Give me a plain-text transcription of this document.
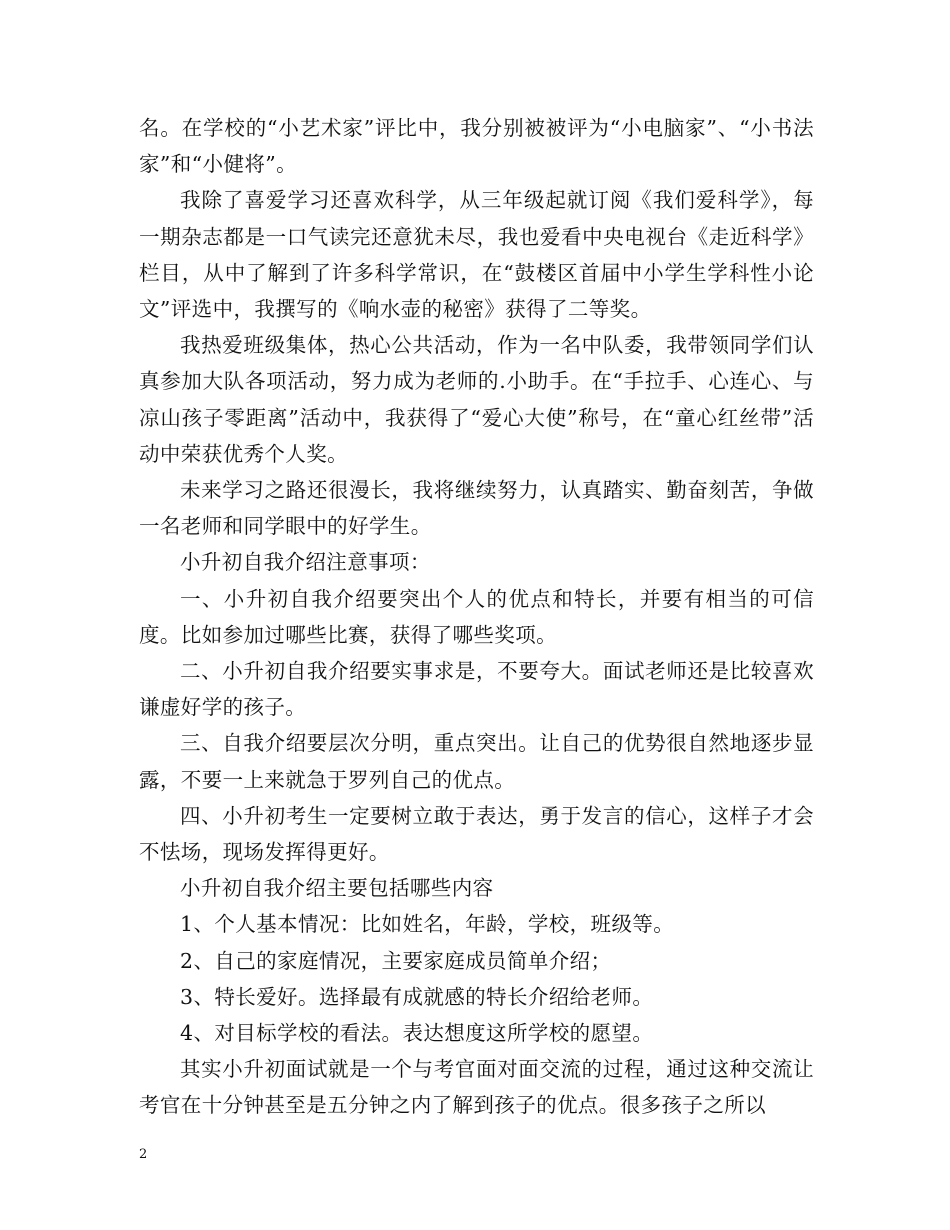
名。在学校的“小艺术家”评比中，我分别被被评为“小电脑家”、“小书法家”和“小健将”。

我除了喜爱学习还喜欢科学，从三年级起就订阅《我们爱科学》，每一期杂志都是一口气读完还意犹未尽，我也爱看中央电视台《走近科学》栏目，从中了解到了许多科学常识，在“鼓楼区首届中小学生学科性小论文”评选中，我撰写的《响水壶的秘密》获得了二等奖。

我热爱班级集体，热心公共活动，作为一名中队委，我带领同学们认真参加大队各项活动，努力成为老师的.小助手。在“手拉手、心连心、与凉山孩子零距离”活动中，我获得了“爱心大使”称号，在“童心红丝带”活动中荣获优秀个人奖。

未来学习之路还很漫长，我将继续努力，认真踏实、勤奋刻苦，争做一名老师和同学眼中的好学生。

小升初自我介绍注意事项：

一、小升初自我介绍要突出个人的优点和特长，并要有相当的可信度。比如参加过哪些比赛，获得了哪些奖项。

二、小升初自我介绍要实事求是，不要夸大。面试老师还是比较喜欢谦虚好学的孩子。

三、自我介绍要层次分明，重点突出。让自己的优势很自然地逐步显露，不要一上来就急于罗列自己的优点。

四、小升初考生一定要树立敢于表达，勇于发言的信心，这样子才会不怯场，现场发挥得更好。

小升初自我介绍主要包括哪些内容

1、个人基本情况：比如姓名，年龄，学校，班级等。

2、自己的家庭情况，主要家庭成员简单介绍；

3、特长爱好。选择最有成就感的特长介绍给老师。

4、对目标学校的看法。表达想度这所学校的愿望。

其实小升初面试就是一个与考官面对面交流的过程，通过这种交流让考官在十分钟甚至是五分钟之内了解到孩子的优点。很多孩子之所以

2
